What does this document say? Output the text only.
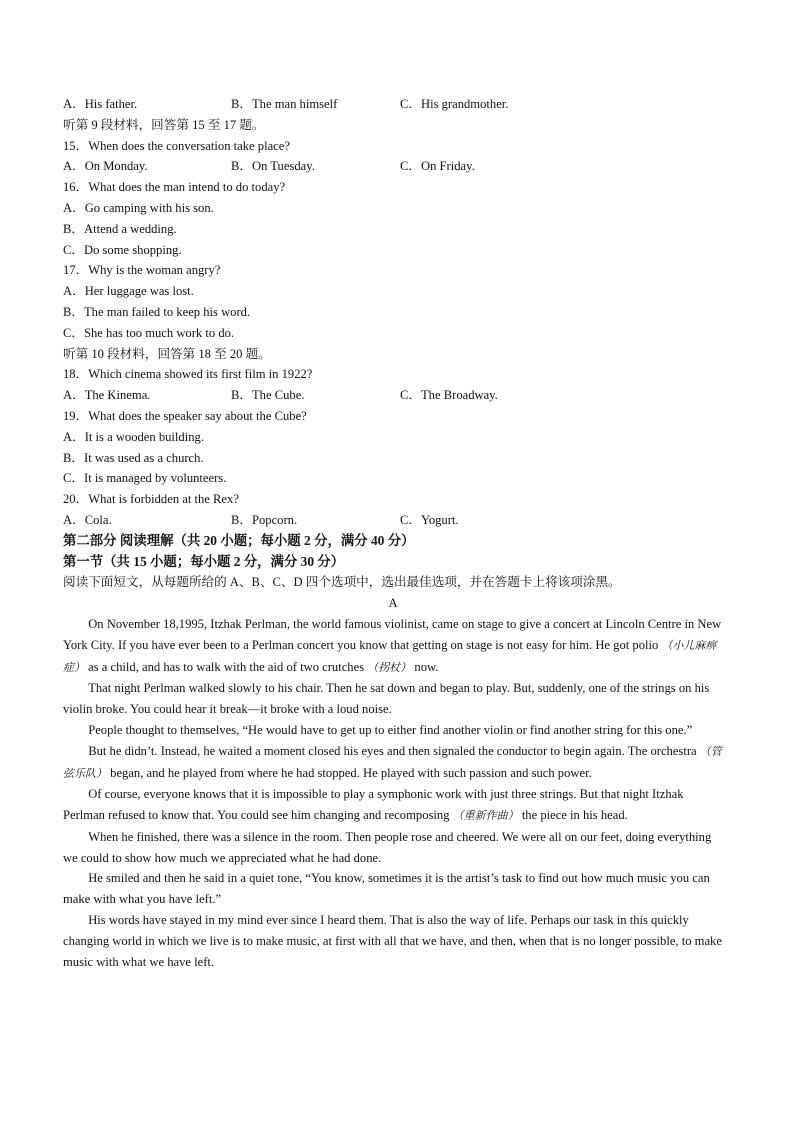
A．His father.	B．The man himself	C．His grandmother.
听第 9 段材料，回答第 15 至 17 题。
15．When does the conversation take place?
A．On Monday.	B．On Tuesday.	C．On Friday.
16．What does the man intend to do today?
A．Go camping with his son.
B．Attend a wedding.
C．Do some shopping.
17．Why is the woman angry?
A．Her luggage was lost.
B．The man failed to keep his word.
C．She has too much work to do.
听第 10 段材料，回答第 18 至 20 题。
18．Which cinema showed its first film in 1922?
A．The Kinema.	B．The Cube.	C．The Broadway.
19．What does the speaker say about the Cube?
A．It is a wooden building.
B．It was used as a church.
C．It is managed by volunteers.
20．What is forbidden at the Rex?
A．Cola.	B．Popcorn.	C．Yogurt.
第二部分 阅读理解（共 20 小题；每小题 2 分，满分 40 分）
第一节（共 15 小题；每小题 2 分，满分 30 分）
阅读下面短文，从每题所给的 A、B、C、D 四个选项中，选出最佳选项，并在答题卡上将该项涂黑。
A
On November 18,1995, Itzhak Perlman, the world famous violinist, came on stage to give a concert at Lincoln Centre in New York City. If you have ever been to a Perlman concert you know that getting on stage is not easy for him. He got polio （小儿麻痹症） as a child, and has to walk with the aid of two crutches （拐杖） now.
That night Perlman walked slowly to his chair. Then he sat down and began to play. But, suddenly, one of the strings on his violin broke. You could hear it break—it broke with a loud noise.
People thought to themselves, “He would have to get up to either find another violin or find another string for this one.”
But he didn’t. Instead, he waited a moment closed his eyes and then signaled the conductor to begin again. The orchestra （管弦乐队） began, and he played from where he had stopped. He played with such passion and such power.
Of course, everyone knows that it is impossible to play a symphonic work with just three strings. But that night Itzhak Perlman refused to know that. You could see him changing and recomposing （重新作曲） the piece in his head.
When he finished, there was a silence in the room. Then people rose and cheered. We were all on our feet, doing everything we could to show how much we appreciated what he had done.
He smiled and then he said in a quiet tone, “You know, sometimes it is the artist’s task to find out how much music you can make with what you have left.”
His words have stayed in my mind ever since I heard them. That is also the way of life. Perhaps our task in this quickly changing world in which we live is to make music, at first with all that we have, and then, when that is no longer possible, to make music with what we have left.
